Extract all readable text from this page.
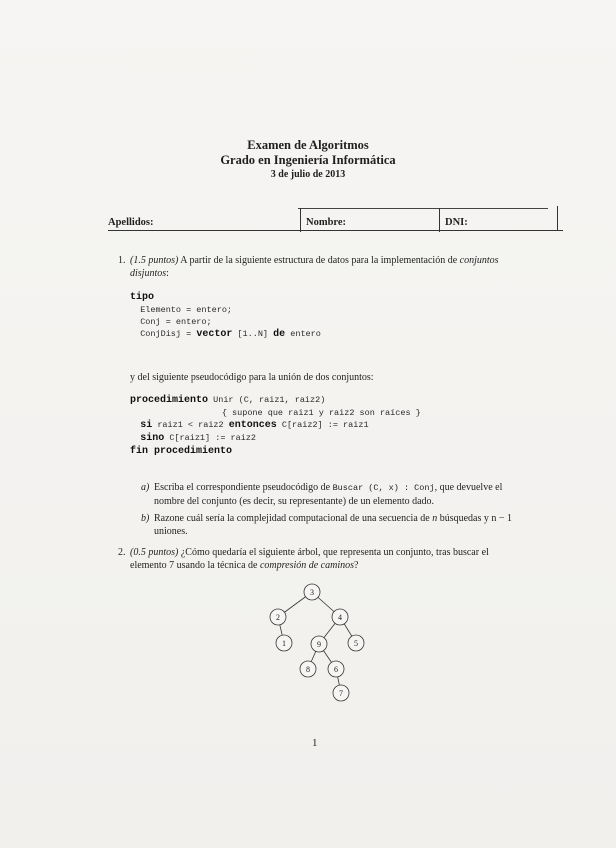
Examen de Algoritmos
Grado en Ingeniería Informática
3 de julio de 2013
Apellidos:	Nombre:	DNI:
1. (1.5 puntos) A partir de la siguiente estructura de datos para la implementación de conjuntos disjuntos:
tipo
Elemento = entero;
Conj = entero;
ConjDisj = vector [1..N] de entero
y del siguiente pseudocódigo para la unión de dos conjuntos:
procedimiento Unir (C, raiz1, raiz2)
{ supone que raiz1 y raiz2 son raíces }
si raiz1 < raiz2 entonces C[raiz2] := raiz1
sino C[raiz1] := raiz2
fin procedimiento
a) Escriba el correspondiente pseudocódigo de Buscar (C, x) : Conj, que devuelve el nombre del conjunto (es decir, su representante) de un elemento dado.
b) Razone cuál sería la complejidad computacional de una secuencia de n búsquedas y n − 1 uniones.
2. (0.5 puntos) ¿Cómo quedaría el siguiente árbol, que representa un conjunto, tras buscar el elemento 7 usando la técnica de compresión de caminos?
3
2	4
1	9	5
8	6
7
1
